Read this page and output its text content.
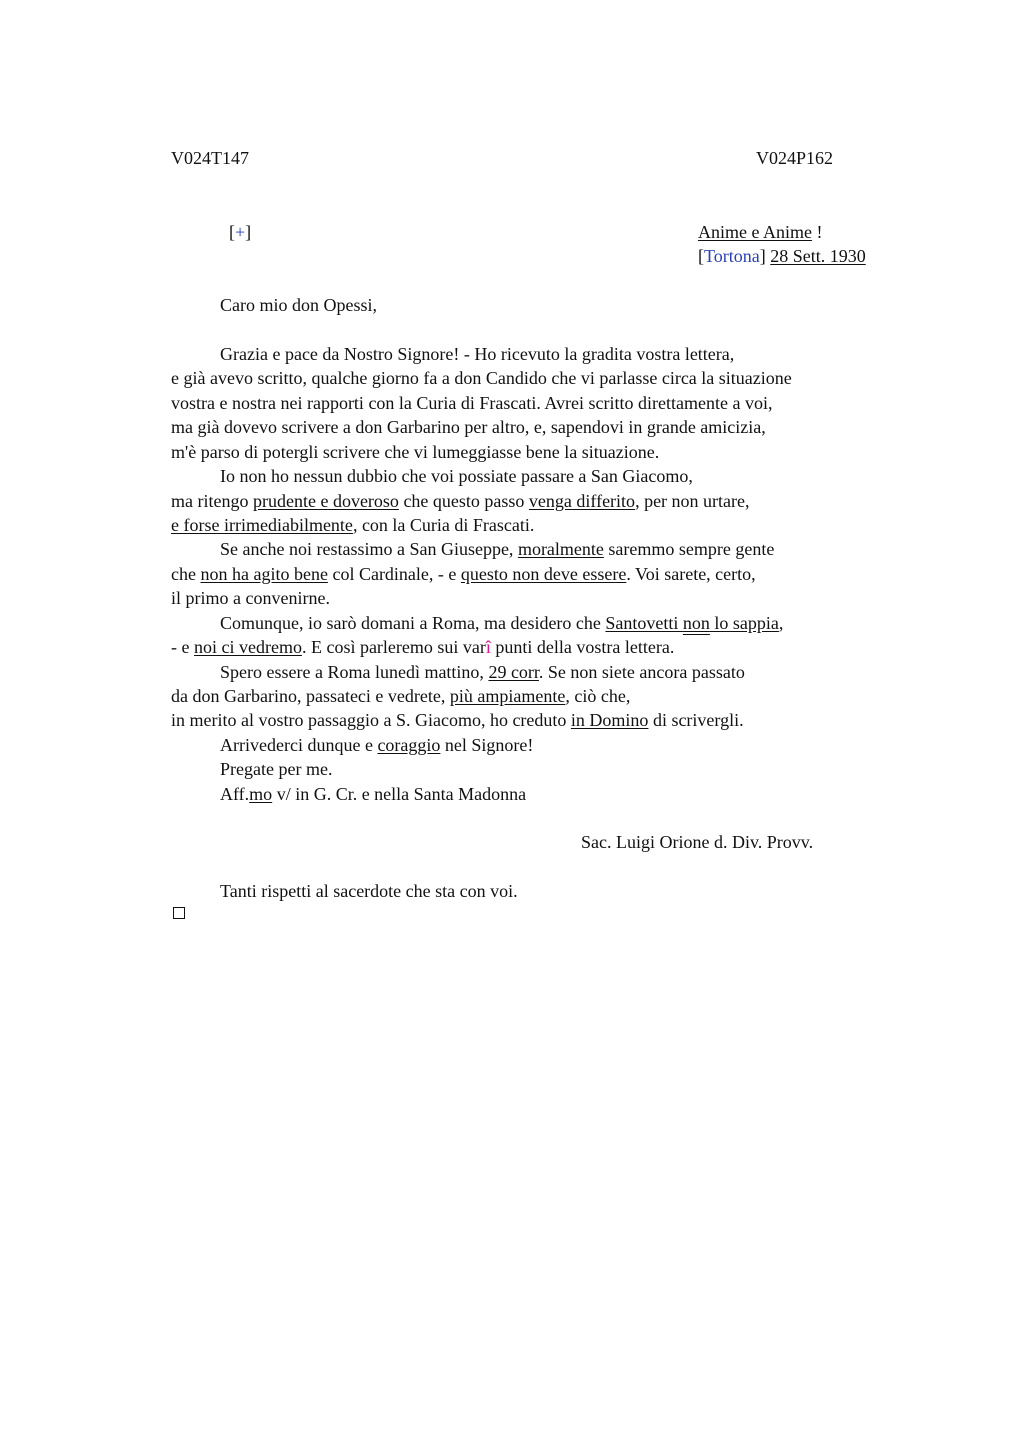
V024T147	V024P162
[+]	Anime e Anime !
[Tortona] 28 Sett. 1930
Caro mio don Opessi,
Grazia e pace da Nostro Signore! - Ho ricevuto la gradita vostra lettera,
e già avevo scritto, qualche giorno fa a don Candido che vi parlasse circa la situazione
vostra e nostra nei rapporti con la Curia di Frascati. Avrei scritto direttamente a voi,
ma già dovevo scrivere a don Garbarino per altro, e, sapendovi in grande amicizia,
m'è parso di potergli scrivere che vi lumeggiasse bene la situazione.
Io non ho nessun dubbio che voi possiate passare a San Giacomo,
ma ritengo prudente e doveroso che questo passo venga differito, per non urtare,
e forse irrimediabilmente, con la Curia di Frascati.
Se anche noi restassimo a San Giuseppe, moralmente saremmo sempre gente
che non ha agito bene col Cardinale, - e questo non deve essere. Voi sarete, certo,
il primo a convenirne.
Comunque, io sarò domani a Roma, ma desidero che Santovetti non lo sappia,
- e noi ci vedremo. E così parleremo sui varî punti della vostra lettera.
Spero essere a Roma lunedì mattino, 29 corr. Se non siete ancora passato
da don Garbarino, passateci e vedrete, più ampiamente, ciò che,
in merito al vostro passaggio a S. Giacomo, ho creduto in Domino di scrivergli.
Arrivederci dunque e coraggio nel Signore!
Pregate per me.
Aff.mo v/ in G. Cr. e nella Santa Madonna
Sac. Luigi Orione d. Div. Provv.
Tanti rispetti al sacerdote che sta con voi.
